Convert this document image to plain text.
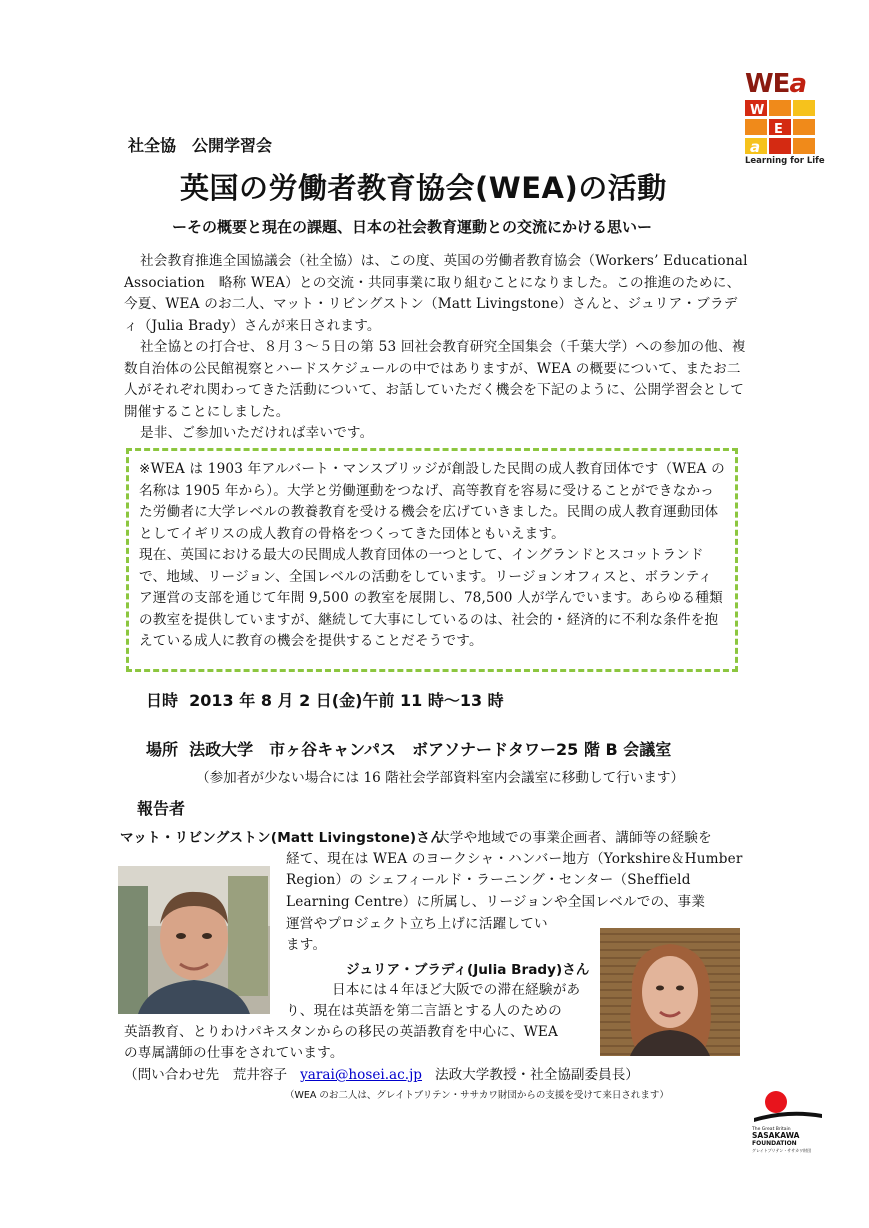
WEa
W
E
a
Learning for Life
社全協　公開学習会
英国の労働者教育協会(WEA)の活動
ーその概要と現在の課題、日本の社会教育運動との交流にかける思いー

社会教育推進全国協議会（社全協）は、この度、英国の労働者教育協会（Workers’ Educational Association　略称 WEA）との交流・共同事業に取り組むことになりました。この推進のために、今夏、WEA のお二人、マット・リビングストン（Matt Livingstone）さんと、ジュリア・ブラディ（Julia Brady）さんが来日されます。

社全協との打合せ、８月３～５日の第 53 回社会教育研究全国集会（千葉大学）への参加の他、複数自治体の公民館視察とハードスケジュールの中ではありますが、WEA の概要について、またお二人がそれぞれ関わってきた活動について、お話していただく機会を下記のように、公開学習会として開催することにしました。

是非、ご参加いただければ幸いです。

※WEA は 1903 年アルバート・マンスブリッジが創設した民間の成人教育団体です（WEA の名称は 1905 年から）。大学と労働運動をつなげ、高等教育を容易に受けることができなかった労働者に大学レベルの教養教育を受ける機会を広げていきました。民間の成人教育運動団体としてイギリスの成人教育の骨格をつくってきた団体ともいえます。

現在、英国における最大の民間成人教育団体の一つとして、イングランドとスコットランドで、地域、リージョン、全国レベルの活動をしています。リージョンオフィスと、ボランティア運営の支部を通じて年間 9,500 の教室を展開し、78,500 人が学んでいます。あらゆる種類の教室を提供していますが、継続して大事にしているのは、社会的・経済的に不利な条件を抱えている成人に教育の機会を提供することだそうです。

日時 2013 年 8 月 2 日(金)午前 11 時～13 時
場所 法政大学　市ヶ谷キャンパス　ボアソナードタワー25 階 B 会議室
（参加者が少ない場合には 16 階社会学部資料室内会議室に移動して行います）
報告者
マット・リビングストン(Matt Livingstone)さん
大学や地域での事業企画者、講師等の経験を
経て、現在は WEA のヨークシャ・ハンバー地方（Yorkshire＆Humber
Region）の シェフィールド・ラーニング・センター（Sheffield
Learning Centre）に所属し、リージョンや全国レベルでの、事業
運営やプロジェクト立ち上げに活躍してい
ます。
ジュリア・ブラディ(Julia Brady)さん
日本には４年ほど大阪での滞在経験があ
り、現在は英語を第二言語とする人のための
英語教育、とりわけパキスタンからの移民の英語教育を中心に、WEA
の専属講師の仕事をされています。
（問い合わせ先　荒井容子 yarai@hosei.ac.jp 法政大学教授・社全協副委員長）
（WEA のお二人は、グレイトブリテン・ササカワ財団からの支援を受けて来日されます）
The Great Britain
SASAKAWA
FOUNDATION
グレイトブリテン・ササカワ財団
